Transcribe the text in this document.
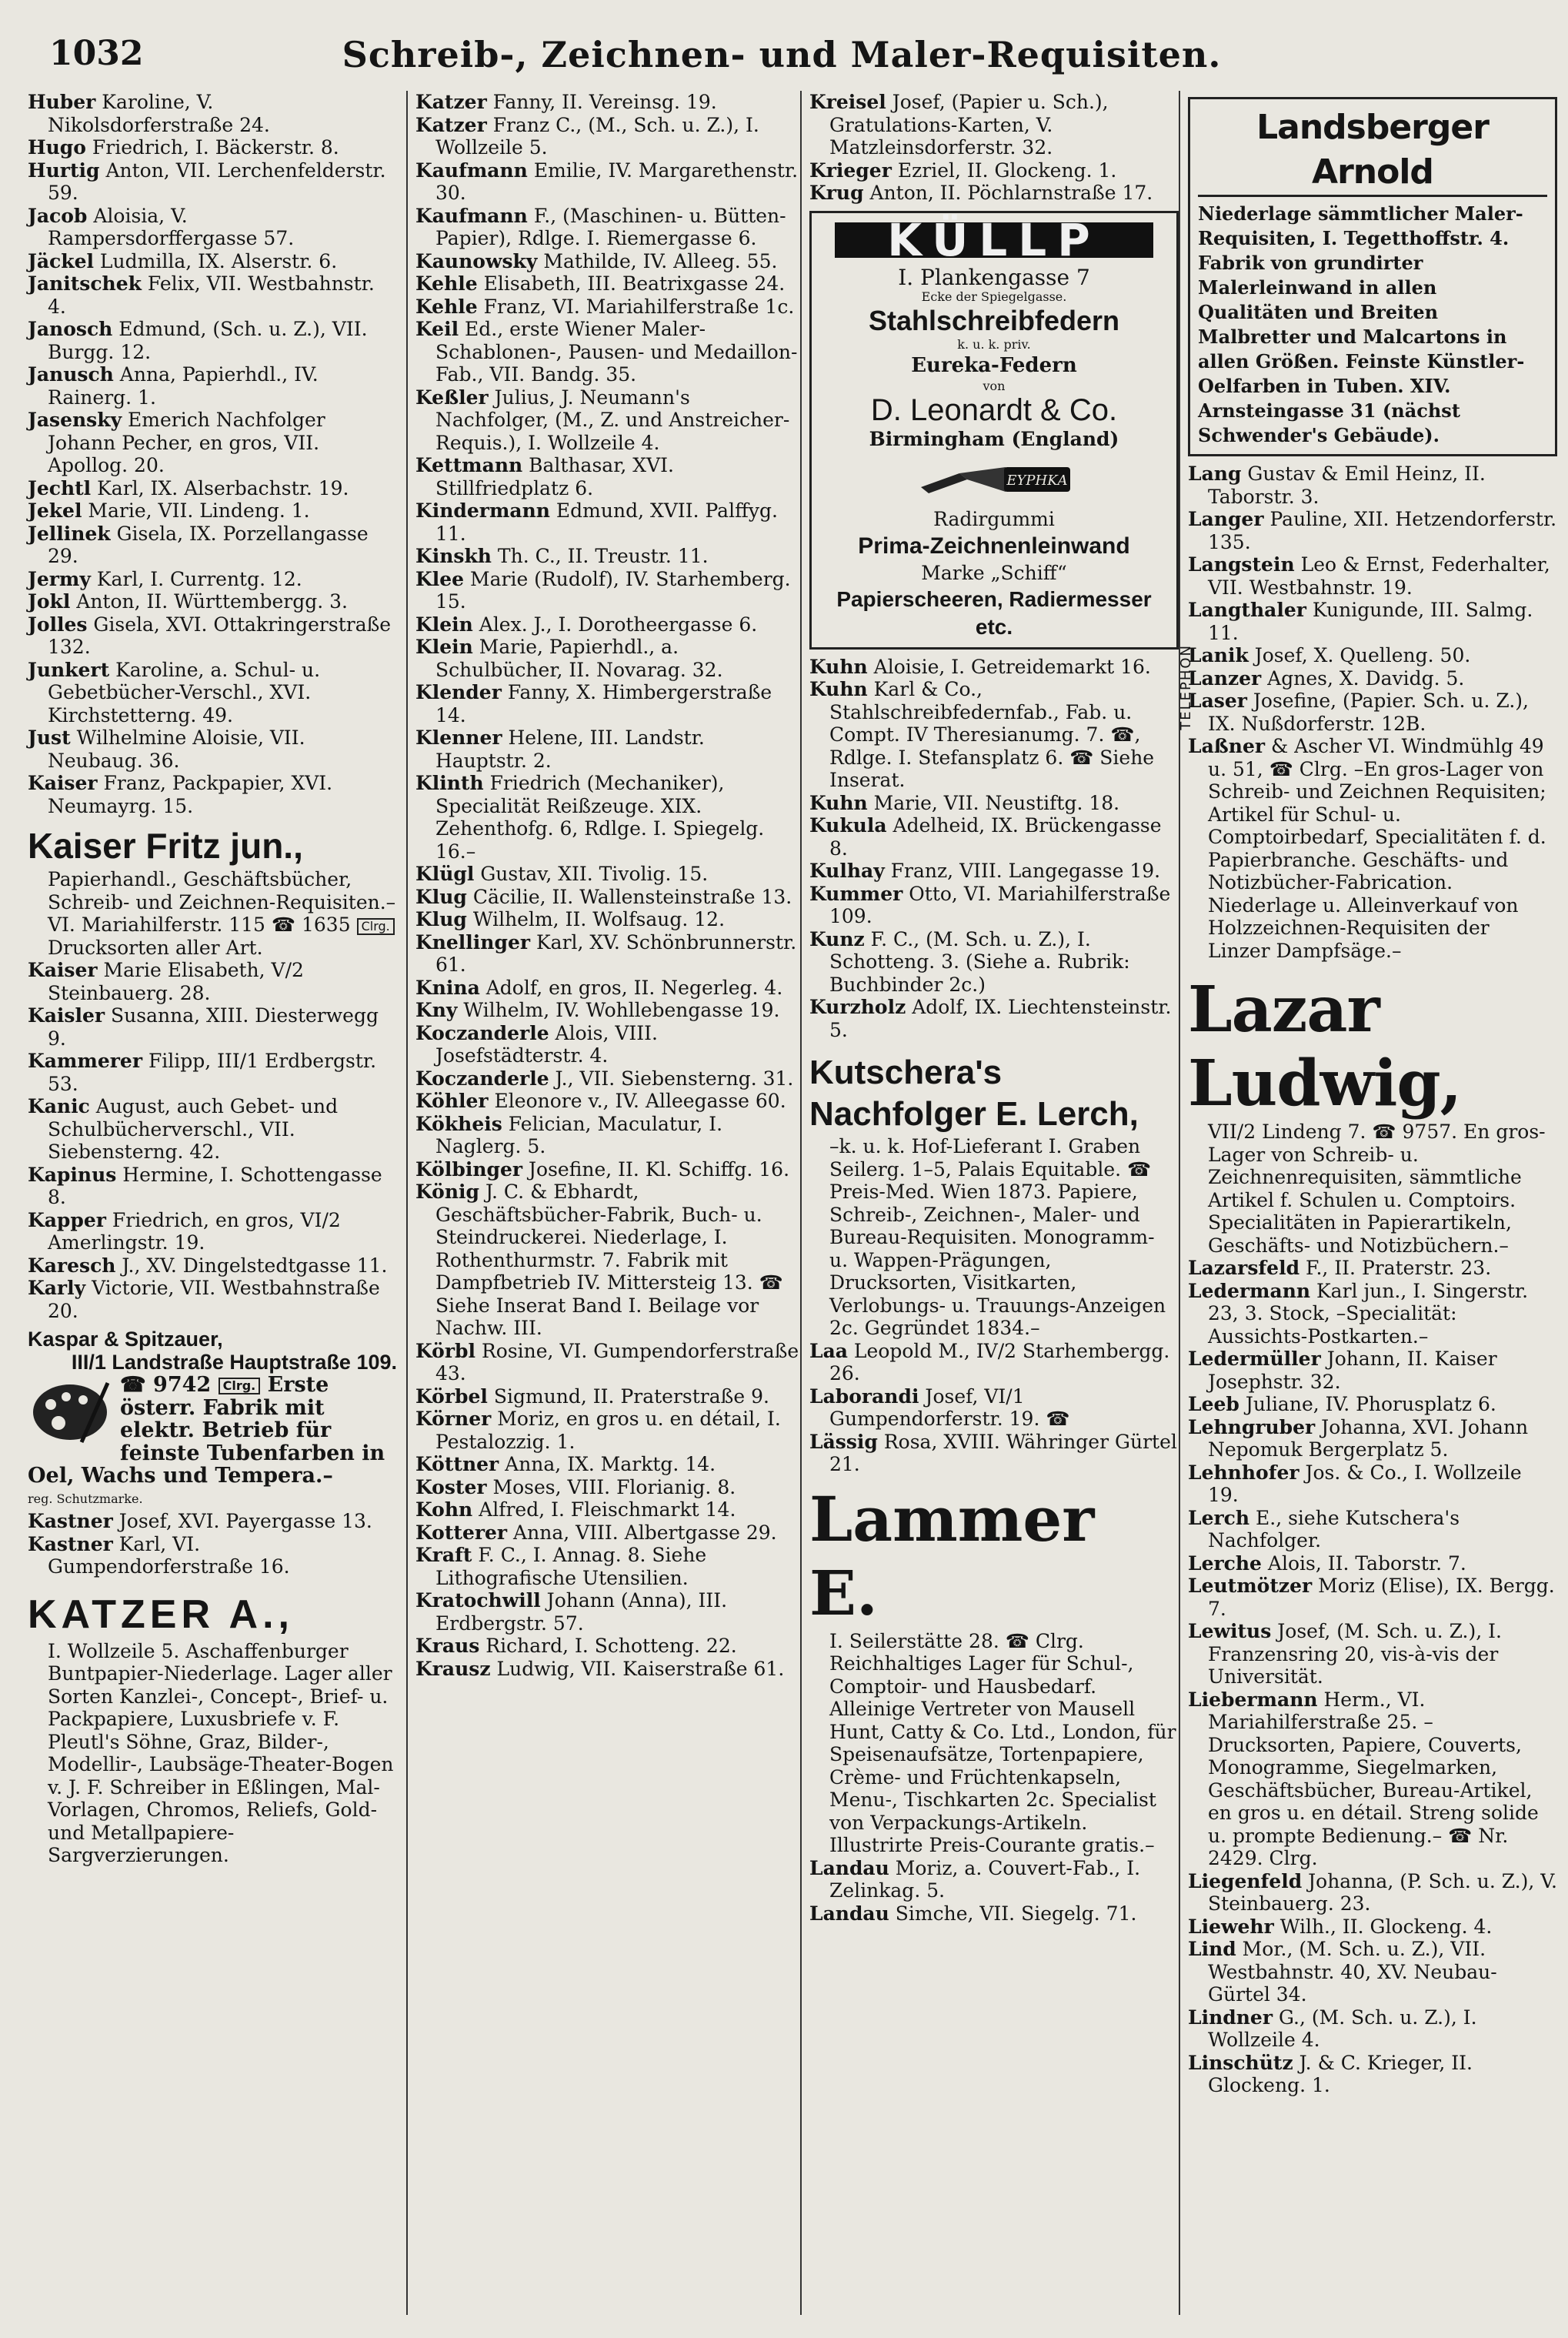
1032	Schreib-, Zeichnen- und Maler-Requisiten.
Huber Karoline, V. Nikolsdorferstraße 24.
Hugo Friedrich, I. Bäckerstr. 8.
Hurtig Anton, VII. Lerchenfelderstr. 59.
Jacob Aloisia, V. Rampersdorffergasse 57.
Jäckel Ludmilla, IX. Alserstr. 6.
Janitschek Felix, VII. Westbahnstr. 4.
Janosch Edmund, (Sch. u. Z.), VII. Burgg. 12.
Janusch Anna, Papierhdl., IV. Rainerg. 1.
Jasensky Emerich Nachfolger Johann Pecher, en gros, VII. Apollog. 20.
Jechtl Karl, IX. Alserbachstr. 19.
Jekel Marie, VII. Lindeng. 1.
Jellinek Gisela, IX. Porzellangasse 29.
Jermy Karl, I. Currentg. 12.
Jokl Anton, II. Württembergg. 3.
Jolles Gisela, XVI. Ottakringerstraße 132.
Junkert Karoline, a. Schul- u. Gebetbücher-Verschl., XVI. Kirchstetterng. 49.
Just Wilhelmine Aloisie, VII. Neubaug. 36.
Kaiser Franz, Packpapier, XVI. Neumayrg. 15.
Kaiser Fritz jun.,
Papierhandl., Geschäftsbücher, Schreib- und Zeichnen-Requisiten.– VI. Mariahilferstr. 115 ☎ 1635 Clrg. Drucksorten aller Art.
Kaiser Marie Elisabeth, V/2 Steinbauerg. 28.
Kaisler Susanna, XIII. Diesterwegg 9.
Kammerer Filipp, III/1 Erdbergstr. 53.
Kanic August, auch Gebet- und Schulbücherverschl., VII. Siebensterng. 42.
Kapinus Hermine, I. Schottengasse 8.
Kapper Friedrich, en gros, VI/2 Amerlingstr. 19.
Karesch J., XV. Dingelstedtgasse 11.
Karly Victorie, VII. Westbahnstraße 20.
Kaspar & Spitzauer,
III/1 Landstraße Hauptstraße 109.
☎ 9742 Clrg. Erste österr. Fabrik mit elektr. Betrieb für feinste Tubenfarben in Oel, Wachs und Tempera.–
reg. Schutzmarke.
Kastner Josef, XVI. Payergasse 13.
Kastner Karl, VI. Gumpendorferstraße 16.
KATZER A.,
I. Wollzeile 5. Aschaffenburger Buntpapier-Niederlage. Lager aller Sorten Kanzlei-, Concept-, Brief- u. Packpapiere, Luxusbriefe v. F. Pleutl's Söhne, Graz, Bilder-, Modellir-, Laubsäge-Theater-Bogen v. J. F. Schreiber in Eßlingen, Mal-Vorlagen, Chromos, Reliefs, Gold- und Metallpapiere-Sargverzierungen.
Katzer Fanny, II. Vereinsg. 19.
Katzer Franz C., (M., Sch. u. Z.), I. Wollzeile 5.
Kaufmann Emilie, IV. Margarethenstr. 30.
Kaufmann F., (Maschinen- u. Bütten-Papier), Rdlge. I. Riemergasse 6.
Kaunowsky Mathilde, IV. Alleeg. 55.
Kehle Elisabeth, III. Beatrixgasse 24.
Kehle Franz, VI. Mariahilferstraße 1c.
Keil Ed., erste Wiener Maler-Schablonen-, Pausen- und Medaillon-Fab., VII. Bandg. 35.
Keßler Julius, J. Neumann's Nachfolger, (M., Z. und Anstreicher-Requis.), I. Wollzeile 4.
Kettmann Balthasar, XVI. Stillfriedplatz 6.
Kindermann Edmund, XVII. Palffyg. 11.
Kinskh Th. C., II. Treustr. 11.
Klee Marie (Rudolf), IV. Starhemberg. 15.
Klein Alex. J., I. Dorotheergasse 6.
Klein Marie, Papierhdl., a. Schulbücher, II. Novarag. 32.
Klender Fanny, X. Himbergerstraße 14.
Klenner Helene, III. Landstr. Hauptstr. 2.
Klinth Friedrich (Mechaniker), Specialität Reißzeuge. XIX. Zehenthofg. 6, Rdlge. I. Spiegelg. 16.–
Klügl Gustav, XII. Tivolig. 15.
Klug Cäcilie, II. Wallensteinstraße 13.
Klug Wilhelm, II. Wolfsaug. 12.
Knellinger Karl, XV. Schönbrunnerstr. 61.
Knina Adolf, en gros, II. Negerleg. 4.
Kny Wilhelm, IV. Wohllebengasse 19.
Koczanderle Alois, VIII. Josefstädterstr. 4.
Koczanderle J., VII. Siebensterng. 31.
Köhler Eleonore v., IV. Alleegasse 60.
Kökheis Felician, Maculatur, I. Naglerg. 5.
Kölbinger Josefine, II. Kl. Schiffg. 16.
König J. C. & Ebhardt, Geschäftsbücher-Fabrik, Buch- u. Steindruckerei. Niederlage, I. Rothenthurmstr. 7. Fabrik mit Dampfbetrieb IV. Mittersteig 13. ☎ Siehe Inserat Band I. Beilage vor Nachw. III.
Körbl Rosine, VI. Gumpendorferstraße 43.
Körbel Sigmund, II. Praterstraße 9.
Körner Moriz, en gros u. en détail, I. Pestalozzig. 1.
Köttner Anna, IX. Marktg. 14.
Koster Moses, VIII. Florianig. 8.
Kohn Alfred, I. Fleischmarkt 14.
Kotterer Anna, VIII. Albertgasse 29.
Kraft F. C., I. Annag. 8. Siehe Lithografische Utensilien.
Kratochwill Johann (Anna), III. Erdbergstr. 57.
Kraus Richard, I. Schotteng. 22.
Krausz Ludwig, VII. Kaiserstraße 61.
Kreisel Josef, (Papier u. Sch.), Gratulations-Karten, V. Matzleinsdorferstr. 32.
Krieger Ezriel, II. Glockeng. 1.
Krug Anton, II. Pöchlarnstraße 17.
KÜLLP
I. Plankengasse 7
Ecke der Spiegelgasse.
Stahlschreibfedern
k. u. k. priv.
Eureka-Federn
von
D. Leonardt & Co.
Birmingham (England)
ΕΥΡΗΚΑ
Radirgummi
Prima-Zeichnenleinwand
Marke „Schiff“
Papierscheeren, Radiermesser etc.
TELEPHON
Kuhn Aloisie, I. Getreidemarkt 16.
Kuhn Karl & Co., Stahlschreibfedernfab., Fab. u. Compt. IV Theresianumg. 7. ☎, Rdlge. I. Stefansplatz 6. ☎ Siehe Inserat.
Kuhn Marie, VII. Neustiftg. 18.
Kukula Adelheid, IX. Brückengasse 8.
Kulhay Franz, VIII. Langegasse 19.
Kummer Otto, VI. Mariahilferstraße 109.
Kunz F. C., (M. Sch. u. Z.), I. Schotteng. 3. (Siehe a. Rubrik: Buchbinder 2c.)
Kurzholz Adolf, IX. Liechtensteinstr. 5.
Kutschera's Nachfolger E. Lerch,
–k. u. k. Hof-Lieferant I. Graben Seilerg. 1–5, Palais Equitable. ☎ Preis-Med. Wien 1873. Papiere, Schreib-, Zeichnen-, Maler- und Bureau-Requisiten. Monogramm- u. Wappen-Prägungen, Drucksorten, Visitkarten, Verlobungs- u. Trauungs-Anzeigen 2c. Gegründet 1834.–
Laa Leopold M., IV/2 Starhembergg. 26.
Laborandi Josef, VI/1 Gumpendorferstr. 19. ☎
Lässig Rosa, XVIII. Währinger Gürtel 21.
Lammer E.
I. Seilerstätte 28. ☎ Clrg. Reichhaltiges Lager für Schul-, Comptoir- und Hausbedarf. Alleinige Vertreter von Mausell Hunt, Catty & Co. Ltd., London, für Speisenaufsätze, Tortenpapiere, Crème- und Früchtenkapseln, Menu-, Tischkarten 2c. Specialist von Verpackungs-Artikeln. Illustrirte Preis-Courante gratis.–
Landau Moriz, a. Couvert-Fab., I. Zelinkag. 5.
Landau Simche, VII. Siegelg. 71.
Landsberger Arnold
Niederlage sämmtlicher Maler-Requisiten, I. Tegetthoffstr. 4. Fabrik von grundirter Malerleinwand in allen Qualitäten und Breiten Malbretter und Malcartons in allen Größen. Feinste Künstler-Oelfarben in Tuben. XIV. Arnsteingasse 31 (nächst Schwender's Gebäude).
Lang Gustav & Emil Heinz, II. Taborstr. 3.
Langer Pauline, XII. Hetzendorferstr. 135.
Langstein Leo & Ernst, Federhalter, VII. Westbahnstr. 19.
Langthaler Kunigunde, III. Salmg. 11.
Lanik Josef, X. Quelleng. 50.
Lanzer Agnes, X. Davidg. 5.
Laser Josefine, (Papier. Sch. u. Z.), IX. Nußdorferstr. 12B.
Laßner & Ascher VI. Windmühlg 49 u. 51, ☎ Clrg. –En gros-Lager von Schreib- und Zeichnen Requisiten; Artikel für Schul- u. Comptoirbedarf, Specialitäten f. d. Papierbranche. Geschäfts- und Notizbücher-Fabrication. Niederlage u. Alleinverkauf von Holzzeichnen-Requisiten der Linzer Dampfsäge.–
Lazar Ludwig,
VII/2 Lindeng 7. ☎ 9757. En gros-Lager von Schreib- u. Zeichnenrequisiten, sämmtliche Artikel f. Schulen u. Comptoirs. Specialitäten in Papierartikeln, Geschäfts- und Notizbüchern.–
Lazarsfeld F., II. Praterstr. 23.
Ledermann Karl jun., I. Singerstr. 23, 3. Stock, –Specialität: Aussichts-Postkarten.–
Ledermüller Johann, II. Kaiser Josephstr. 32.
Leeb Juliane, IV. Phorusplatz 6.
Lehngruber Johanna, XVI. Johann Nepomuk Bergerplatz 5.
Lehnhofer Jos. & Co., I. Wollzeile 19.
Lerch E., siehe Kutschera's Nachfolger.
Lerche Alois, II. Taborstr. 7.
Leutmötzer Moriz (Elise), IX. Bergg. 7.
Lewitus Josef, (M. Sch. u. Z.), I. Franzensring 20, vis-à-vis der Universität.
Liebermann Herm., VI. Mariahilferstraße 25. –Drucksorten, Papiere, Couverts, Monogramme, Siegelmarken, Geschäftsbücher, Bureau-Artikel, en gros u. en détail. Streng solide u. prompte Bedienung.– ☎ Nr. 2429. Clrg.
Liegenfeld Johanna, (P. Sch. u. Z.), V. Steinbauerg. 23.
Liewehr Wilh., II. Glockeng. 4.
Lind Mor., (M. Sch. u. Z.), VII. Westbahnstr. 40, XV. Neubau-Gürtel 34.
Lindner G., (M. Sch. u. Z.), I. Wollzeile 4.
Linschütz J. & C. Krieger, II. Glockeng. 1.
